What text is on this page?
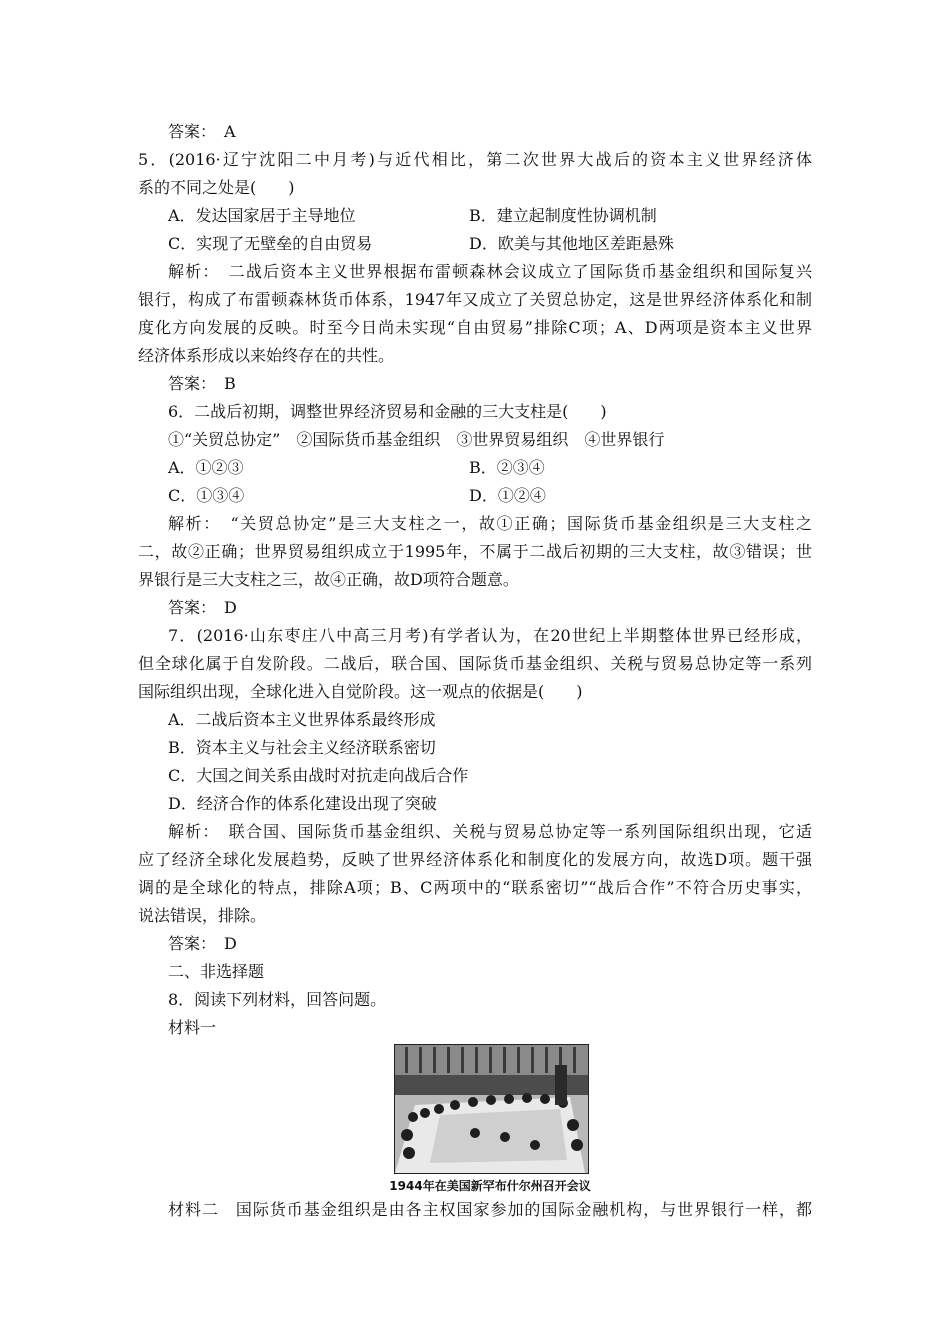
答案：　A
5．(2016·辽宁沈阳二中月考)与近代相比，第二次世界大战后的资本主义世界经济体
系的不同之处是(　　)
A．发达国家居于主导地位	B．建立起制度性协调机制
C．实现了无壁垒的自由贸易	D．欧美与其他地区差距悬殊
解析：　二战后资本主义世界根据布雷顿森林会议成立了国际货币基金组织和国际复兴
银行，构成了布雷顿森林货币体系，1947年又成立了关贸总协定，这是世界经济体系化和制
度化方向发展的反映。时至今日尚未实现“自由贸易”排除C项；A、D两项是资本主义世界
经济体系形成以来始终存在的共性。
答案：　B
6．二战后初期，调整世界经济贸易和金融的三大支柱是(　　)
①“关贸总协定”　②国际货币基金组织　③世界贸易组织　④世界银行
A．①②③	B．②③④
C．①③④	D．①②④
解析：　“关贸总协定”是三大支柱之一，故①正确；国际货币基金组织是三大支柱之
二，故②正确；世界贸易组织成立于1995年，不属于二战后初期的三大支柱，故③错误；世
界银行是三大支柱之三，故④正确，故D项符合题意。
答案：　D
7．(2016·山东枣庄八中高三月考)有学者认为，在20世纪上半期整体世界已经形成，
但全球化属于自发阶段。二战后，联合国、国际货币基金组织、关税与贸易总协定等一系列
国际组织出现，全球化进入自觉阶段。这一观点的依据是(　　)
A．二战后资本主义世界体系最终形成
B．资本主义与社会主义经济联系密切
C．大国之间关系由战时对抗走向战后合作
D．经济合作的体系化建设出现了突破
解析：　联合国、国际货币基金组织、关税与贸易总协定等一系列国际组织出现，它适
应了经济全球化发展趋势，反映了世界经济体系化和制度化的发展方向，故选D项。题干强
调的是全球化的特点，排除A项；B、C两项中的“联系密切”“战后合作”不符合历史事实，
说法错误，排除。
答案：　D
二、非选择题
8．阅读下列材料，回答问题。
材料一
1944年在美国新罕布什尔州召开会议
材料二　国际货币基金组织是由各主权国家参加的国际金融机构，与世界银行一样，都
